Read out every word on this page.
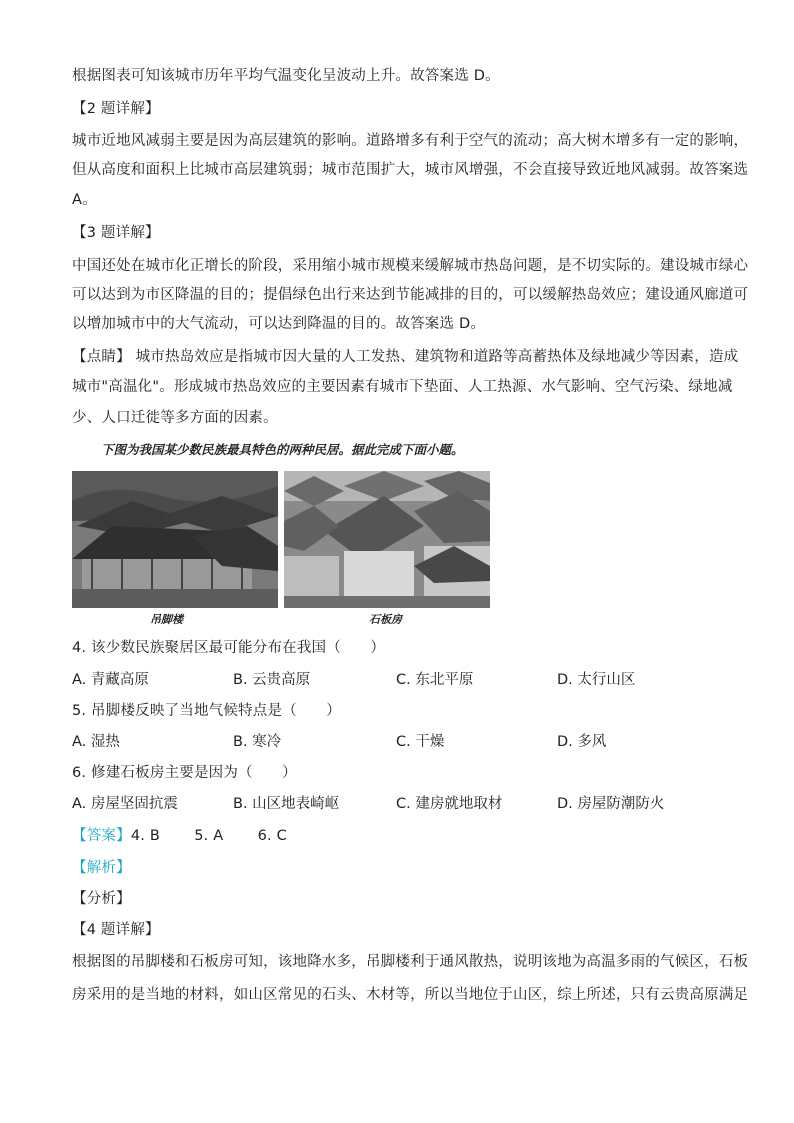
根据图表可知该城市历年平均气温变化呈波动上升。故答案选 D。
【2 题详解】
城市近地风减弱主要是因为高层建筑的影响。道路增多有利于空气的流动；高大树木增多有一定的影响，
但从高度和面积上比城市高层建筑弱；城市范围扩大，城市风增强，不会直接导致近地风减弱。故答案选
A。
【3 题详解】
中国还处在城市化正增长的阶段，采用缩小城市规模来缓解城市热岛问题，是不切实际的。建设城市绿心
可以达到为市区降温的目的；提倡绿色出行来达到节能减排的目的，可以缓解热岛效应；建设通风廊道可
以增加城市中的大气流动，可以达到降温的目的。故答案选 D。
【点睛】 城市热岛效应是指城市因大量的人工发热、建筑物和道路等高蓄热体及绿地减少等因素，造成
城市"高温化"。形成城市热岛效应的主要因素有城市下垫面、人工热源、水气影响、空气污染、绿地减
少、人口迁徙等多方面的因素。
下图为我国某少数民族最具特色的两种民居。据此完成下面小题。
吊脚楼	石板房
4. 该少数民族聚居区最可能分布在我国（　　）
A. 青藏高原	B. 云贵高原	C. 东北平原	D. 太行山区
5. 吊脚楼反映了当地气候特点是（　　）
A. 湿热	B. 寒冷	C. 干燥	D. 多风
6. 修建石板房主要是因为（　　）
A. 房屋坚固抗震	B. 山区地表崎岖	C. 建房就地取材	D. 房屋防潮防火
【答案】4. B　　 5. A　　 6. C
【解析】
【分析】
【4 题详解】
根据图的吊脚楼和石板房可知，该地降水多，吊脚楼利于通风散热，说明该地为高温多雨的气候区，石板
房采用的是当地的材料，如山区常见的石头、木材等，所以当地位于山区，综上所述，只有云贵高原满足
